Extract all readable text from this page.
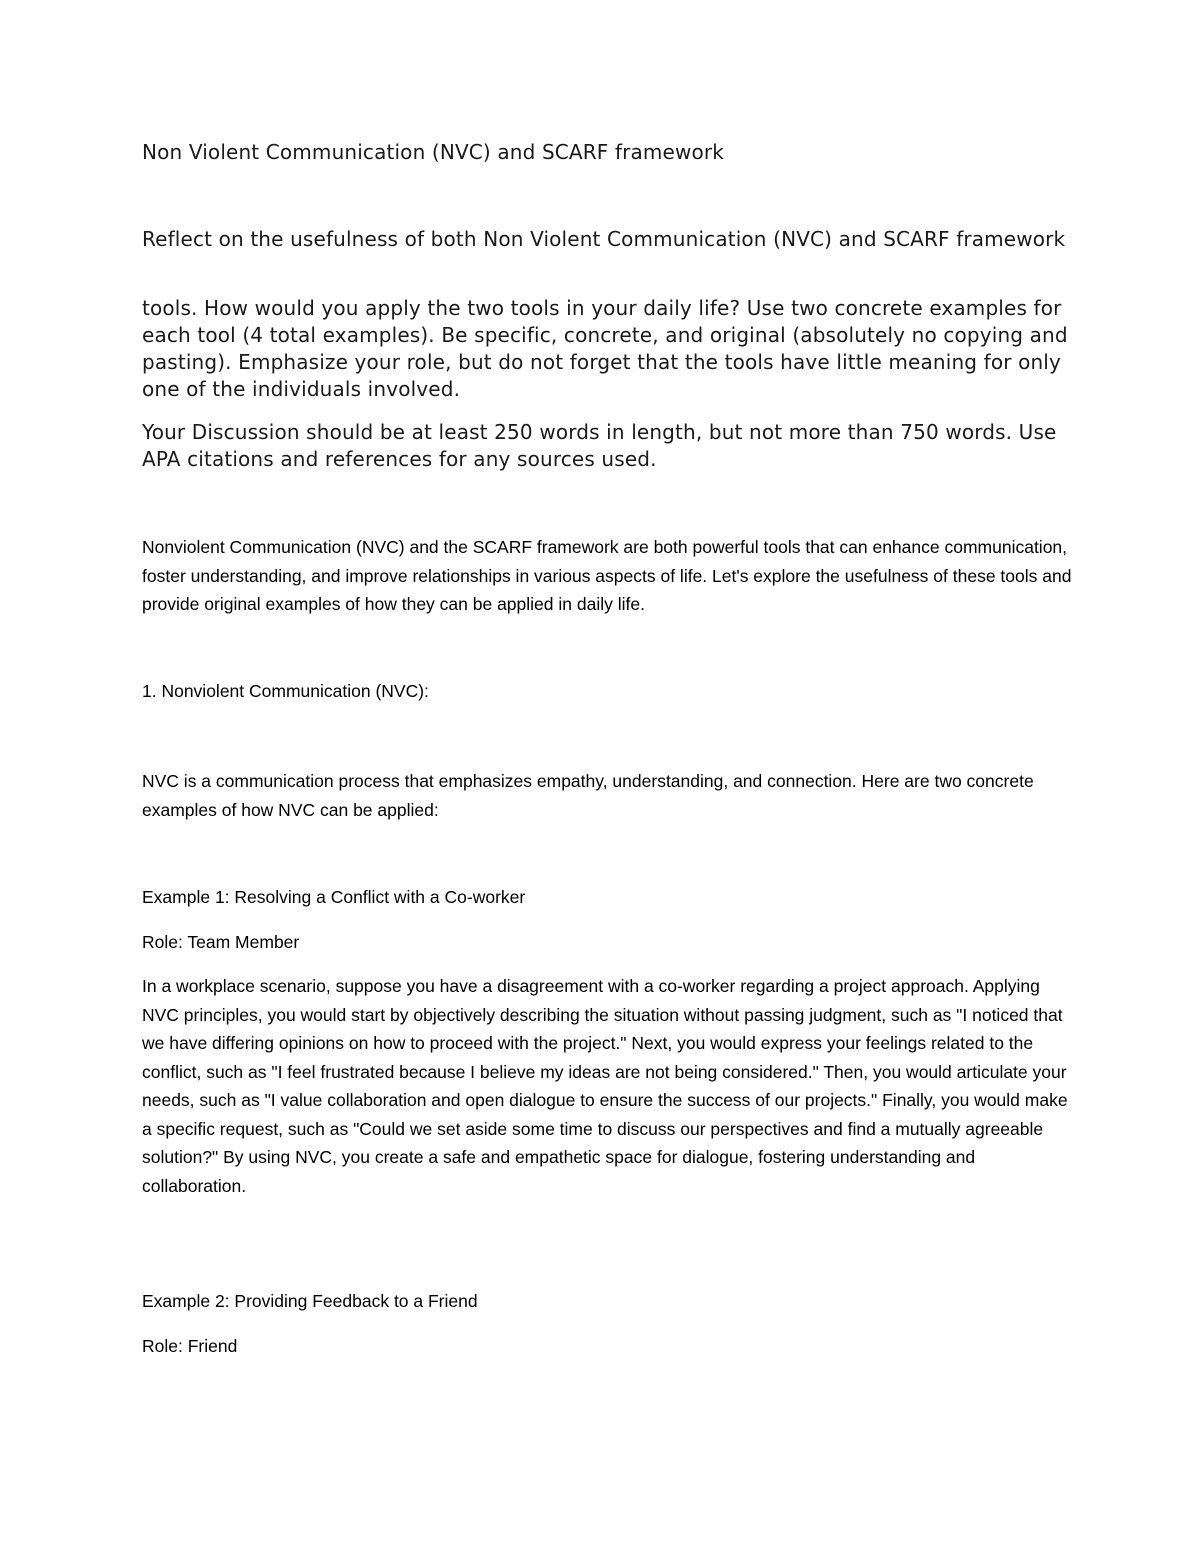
Non Violent Communication (NVC) and SCARF framework

Reflect on the usefulness of both Non Violent Communication (NVC) and SCARF framework

tools. How would you apply the two tools in your daily life? Use two concrete examples for each tool (4 total examples). Be specific, concrete, and original (absolutely no copying and pasting). Emphasize your role, but do not forget that the tools have little meaning for only one of the individuals involved.

Your Discussion should be at least 250 words in length, but not more than 750 words. Use APA citations and references for any sources used.

Nonviolent Communication (NVC) and the SCARF framework are both powerful tools that can enhance communication, foster understanding, and improve relationships in various aspects of life. Let's explore the usefulness of these tools and provide original examples of how they can be applied in daily life.

1. Nonviolent Communication (NVC):

NVC is a communication process that emphasizes empathy, understanding, and connection. Here are two concrete examples of how NVC can be applied:

Example 1: Resolving a Conflict with a Co-worker

Role: Team Member

In a workplace scenario, suppose you have a disagreement with a co-worker regarding a project approach. Applying NVC principles, you would start by objectively describing the situation without passing judgment, such as "I noticed that we have differing opinions on how to proceed with the project." Next, you would express your feelings related to the conflict, such as "I feel frustrated because I believe my ideas are not being considered." Then, you would articulate your needs, such as "I value collaboration and open dialogue to ensure the success of our projects." Finally, you would make a specific request, such as "Could we set aside some time to discuss our perspectives and find a mutually agreeable solution?" By using NVC, you create a safe and empathetic space for dialogue, fostering understanding and collaboration.

Example 2: Providing Feedback to a Friend

Role: Friend
